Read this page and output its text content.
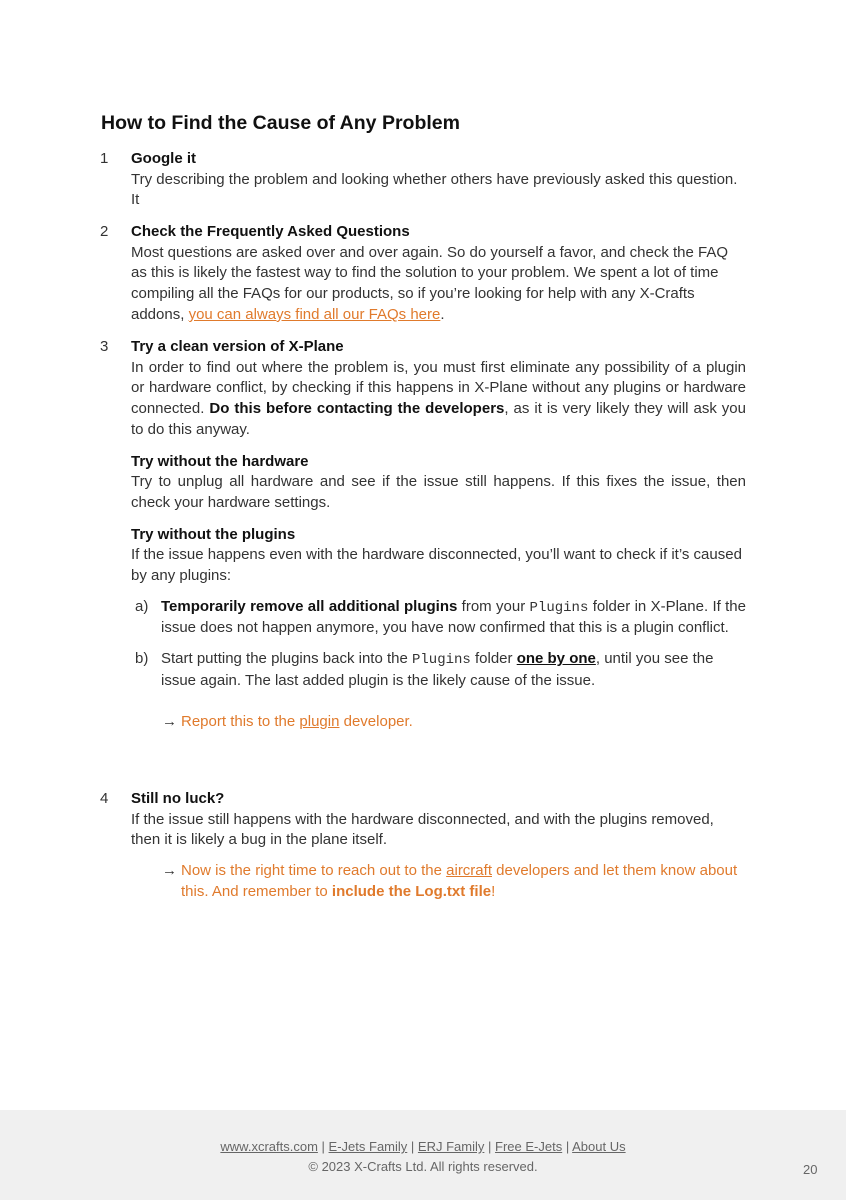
How to Find the Cause of Any Problem
1	Google it

Try describing the problem and looking whether others have previously asked this question. It

2	Check the Frequently Asked Questions

Most questions are asked over and over again. So do yourself a favor, and check the FAQ as this is likely the fastest way to find the solution to your problem. We spent a lot of time compiling all the FAQs for our products, so if you’re looking for help with any X-Crafts addons, you can always find all our FAQs here.

3	Try a clean version of X-Plane

In order to find out where the problem is, you must first eliminate any possibility of a plugin or hardware conflict, by checking if this happens in X-Plane without any plugins or hardware connected. Do this before contacting the developers, as it is very likely they will ask you to do this anyway.

Try without the hardware

Try to unplug all hardware and see if the issue still happens. If this fixes the issue, then check your hardware settings.

Try without the plugins

If the issue happens even with the hardware disconnected, you’ll want to check if it’s caused by any plugins:

a) Temporarily remove all additional plugins from your Plugins folder in X-Plane. If the issue does not happen anymore, you have now confirmed that this is a plugin conflict.
b) Start putting the plugins back into the Plugins folder one by one, until you see the issue again. The last added plugin is the likely cause of the issue.
→ Report this to the plugin developer.
4	Still no luck?

If the issue still happens with the hardware disconnected, and with the plugins removed, then it is likely a bug in the plane itself.

→ Now is the right time to reach out to the aircraft developers and let them know about this. And remember to include the Log.txt file!
www.xcrafts.com | E-Jets Family | ERJ Family | Free E-Jets | About Us
© 2023 X-Crafts Ltd. All rights reserved.	20
